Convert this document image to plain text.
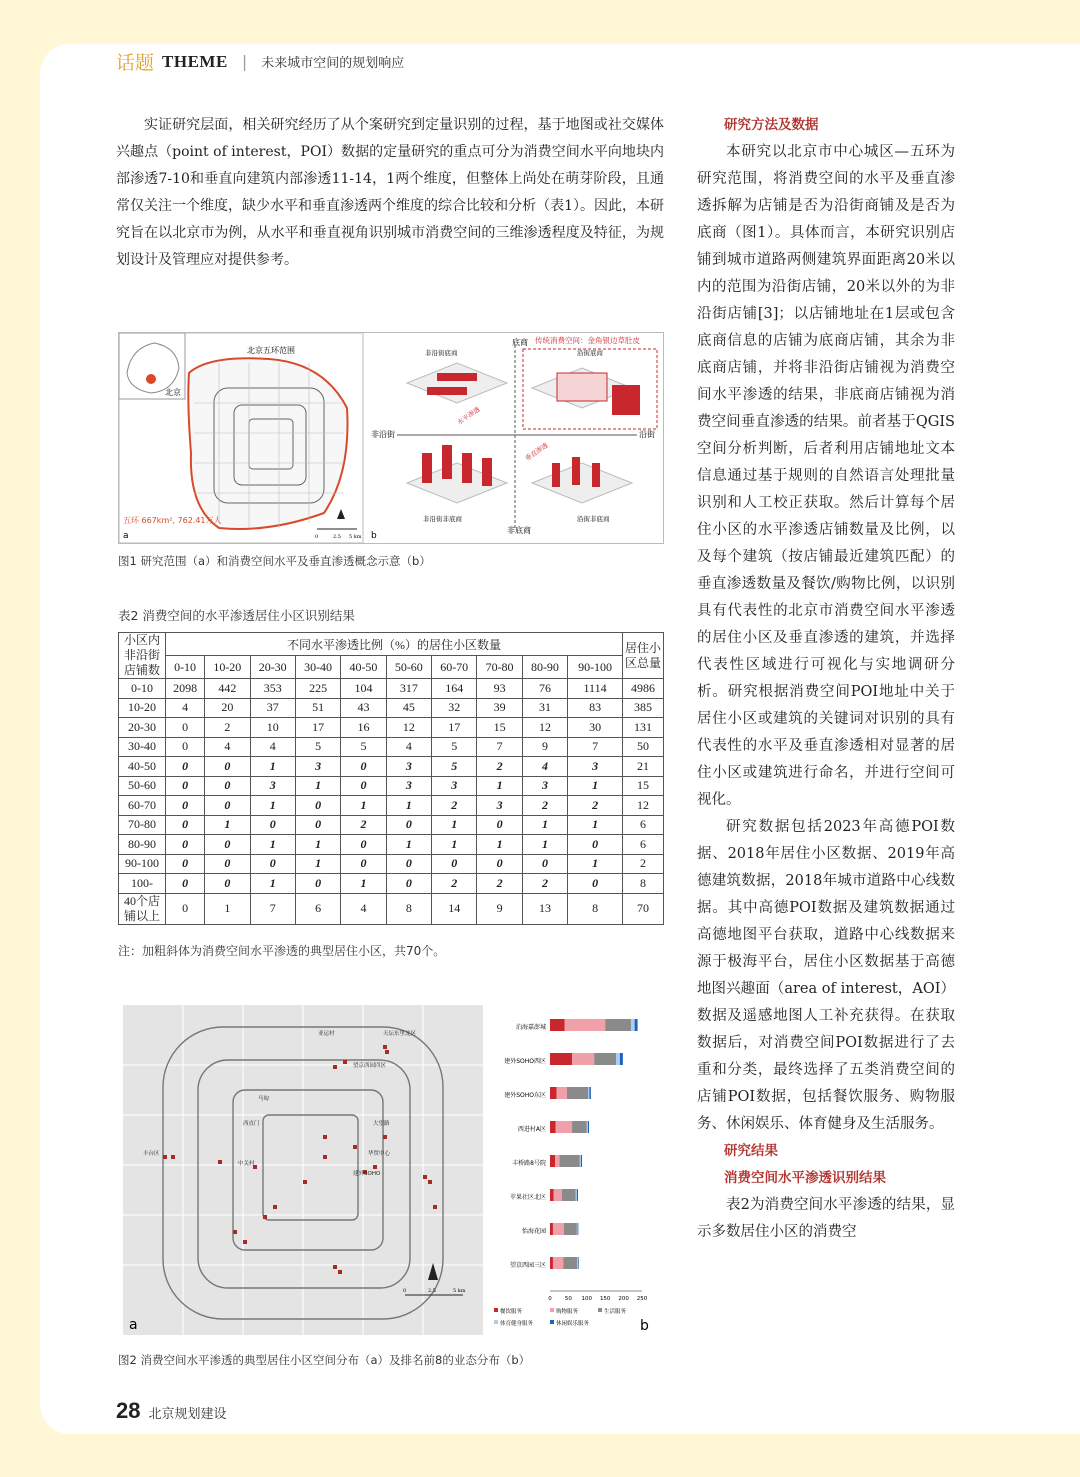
话题 THEME | 未来城市空间的规划响应

实证研究层面，相关研究经历了从个案研究到定量识别的过程，基于地图或社交媒体兴趣点（point of interest，POI）数据的定量研究的重点可分为消费空间水平向地块内部渗透7-10和垂直向建筑内部渗透11-14，1两个维度，但整体上尚处在萌芽阶段，且通常仅关注一个维度，缺少水平和垂直渗透两个维度的综合比较和分析（表1）。因此，本研究旨在以北京市为例，从水平和垂直视角识别城市消费空间的三维渗透程度及特征，为规划设计及管理应对提供参考。

北京
北京五环范围
五环 667km², 762.41万人
a	0	2.5 5 km
底商
非底商
非沿街	沿街
传统消费空间：金角银边草肚皮
非沿街底商	沿街底商
非沿街非底商	沿街非底商
水平渗透
垂直渗透
b
图1 研究范围（a）和消费空间水平及垂直渗透概念示意（b）
表2 消费空间的水平渗透居住小区识别结果
小区内非沿街店铺数	不同水平渗透比例（%）的居住小区数量										居住小区总量
	0-10	10-20	20-30	30-40	40-50	50-60	60-70	70-80	80-90	90-100	
0-10	2098	442	353	225	104	317	164	93	76	1114	4986
10-20	4	20	37	51	43	45	32	39	31	83	385
20-30	0	2	10	17	16	12	17	15	12	30	131
30-40	0	4	4	5	5	4	5	7	9	7	50
40-50	0	0	1	3	0	3	5	2	4	3	21
50-60	0	0	3	1	0	3	3	1	3	1	15
60-70	0	0	1	0	1	1	2	3	2	2	12
70-80	0	1	0	0	2	0	1	0	1	1	6
80-90	0	0	1	1	0	1	1	1	1	0	6
90-100	0	0	0	1	0	0	0	0	0	1	2
100-	0	0	1	0	1	0	2	2	2	0	8
40个店铺以上	0	1	7	6	4	8	14	9	13	8	70
注：加粗斜体为消费空间水平渗透的典型居住小区，共70个。
天坛东里北区
望京西园四区
丰台区
大望路
建外SOHO
华贸中心
西直门
中关村
亚运村
马甸
0	2.5	5 km
a
泊海嘉澎城
建外SOHO西区
建外SOHO东区
西进村A区
丰桥路8号院
苹果社区北区
怡海花园
望京西园三区
0 50 100 150 200 250
餐饮服务	购物服务	生活服务
体育健身服务	休闲娱乐服务	b
图2 消费空间水平渗透的典型居住小区空间分布（a）及排名前8的业态分布（b）

研究方法及数据

本研究以北京市中心城区—五环为研究范围，将消费空间的水平及垂直渗透拆解为店铺是否为沿街商铺及是否为底商（图1）。具体而言，本研究识别店铺到城市道路两侧建筑界面距离20米以内的范围为沿街店铺，20米以外的为非沿街店铺[3]；以店铺地址在1层或包含底商信息的店铺为底商店铺，其余为非底商店铺，并将非沿街店铺视为消费空间水平渗透的结果，非底商店铺视为消费空间垂直渗透的结果。前者基于QGIS空间分析判断，后者利用店铺地址文本信息通过基于规则的自然语言处理批量识别和人工校正获取。然后计算每个居住小区的水平渗透店铺数量及比例，以及每个建筑（按店铺最近建筑匹配）的垂直渗透数量及餐饮/购物比例，以识别具有代表性的北京市消费空间水平渗透的居住小区及垂直渗透的建筑，并选择代表性区域进行可视化与实地调研分析。研究根据消费空间POI地址中关于居住小区或建筑的关键词对识别的具有代表性的水平及垂直渗透相对显著的居住小区或建筑进行命名，并进行空间可视化。

研究数据包括2023年高德POI数据、2018年居住小区数据、2019年高德建筑数据，2018年城市道路中心线数据。其中高德POI数据及建筑数据通过高德地图平台获取，道路中心线数据来源于极海平台，居住小区数据基于高德地图兴趣面（area of interest，AOI）数据及遥感地图人工补充获得。在获取数据后，对消费空间POI数据进行了去重和分类，最终选择了五类消费空间的店铺POI数据，包括餐饮服务、购物服务、休闲娱乐、体育健身及生活服务。

研究结果

消费空间水平渗透识别结果

表2为消费空间水平渗透的结果，显示多数居住小区的消费空

28 北京规划建设
